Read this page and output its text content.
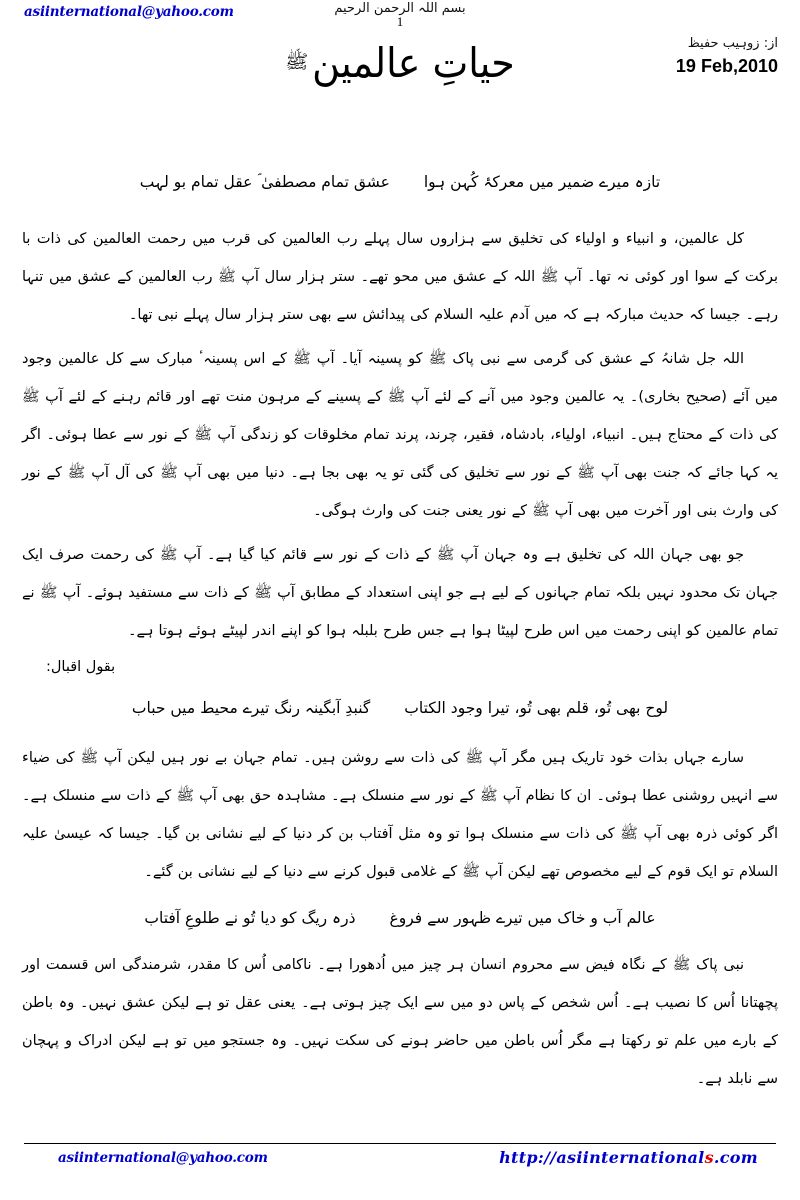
asiinternational@yahoo.com	بسم اللہ الرحمن الرحیم
1
از: زوہیب حفیظ
19 Feb,2010
حیاتِ عالمینﷺ
تازہ میرے ضمیر میں معرکۂ کُہن ہواعشق تمام مصطفیٰ ؐ عقل تمام بو لہب

کل عالمین، و انبیاء و اولیاء کی تخلیق سے ہزاروں سال پہلے رب العالمین کی قرب میں رحمت العالمین کی ذات با برکت کے سوا اور کوئی نہ تھا۔ آپ ﷺ اللہ کے عشق میں محو تھے۔ ستر ہزار سال آپ ﷺ رب العالمین کے عشق میں تنہا رہے۔ جیسا کہ حدیث مبارکہ ہے کہ میں آدم علیہ السلام کی پیدائش سے بھی ستر ہزار سال پہلے نبی تھا۔

اللہ جل شانہُ کے عشق کی گرمی سے نبی پاک ﷺ کو پسینہ آیا۔ آپ ﷺ کے اس پسینہٴ مبارک سے کل عالمین وجود میں آئے (صحیح بخاری)۔ یہ عالمین وجود میں آنے کے لئے آپ ﷺ کے پسینے کے مرہون منت تھے اور قائم رہنے کے لئے آپ ﷺ کی ذات کے محتاج ہیں۔ انبیاء، اولیاء، بادشاہ، فقیر، چرند، پرند تمام مخلوقات کو زندگی آپ ﷺ کے نور سے عطا ہوئی۔ اگر یہ کہا جائے کہ جنت بھی آپ ﷺ کے نور سے تخلیق کی گئی تو یہ بھی بجا ہے۔ دنیا میں بھی آپ ﷺ کی آل آپ ﷺ کے نور کی وارث بنی اور آخرت میں بھی آپ ﷺ کے نور یعنی جنت کی وارث ہوگی۔

جو بھی جہان اللہ کی تخلیق ہے وہ جہان آپ ﷺ کے ذات کے نور سے قائم کیا گیا ہے۔ آپ ﷺ کی رحمت صرف ایک جہان تک محدود نہیں بلکہ تمام جہانوں کے لیے ہے جو اپنی استعداد کے مطابق آپ ﷺ کے ذات سے مستفید ہوئے۔ آپ ﷺ نے تمام عالمین کو اپنی رحمت میں اس طرح لپیٹا ہوا ہے جس طرح بلبلہ ہوا کو اپنے اندر لپیٹے ہوئے ہوتا ہے۔

بقول اقبال:
لوح بھی تُو، قلم بھی تُو، تیرا وجود الکتابگنبدِ آبگینہ رنگ تیرے محیط میں حباب

سارے جہاں بذات خود تاریک ہیں مگر آپ ﷺ کی ذات سے روشن ہیں۔ تمام جہان بے نور ہیں لیکن آپ ﷺ کی ضیاء سے انہیں روشنی عطا ہوئی۔ ان کا نظام آپ ﷺ کے نور سے منسلک ہے۔ مشاہدہ حق بھی آپ ﷺ کے ذات سے منسلک ہے۔ اگر کوئی ذرہ بھی آپ ﷺ کی ذات سے منسلک ہوا تو وہ مثل آفتاب بن کر دنیا کے لیے نشانی بن گیا۔ جیسا کہ عیسیٰ علیہ السلام تو ایک قوم کے لیے مخصوص تھے لیکن آپ ﷺ کے غلامی قبول کرنے سے دنیا کے لیے نشانی بن گئے۔

عالم آب و خاک میں تیرے ظہور سے فروغذرہ ریگ کو دیا تُو نے طلوعِ آفتاب

نبی پاک ﷺ کے نگاہ فیض سے محروم انسان ہر چیز میں اُدھورا ہے۔ ناکامی اُس کا مقدر، شرمندگی اس قسمت اور پچھتانا اُس کا نصیب ہے۔ اُس شخص کے پاس دو میں سے ایک چیز ہوتی ہے۔ یعنی عقل تو ہے لیکن عشق نہیں۔ وہ باطن کے بارے میں علم تو رکھتا ہے مگر اُس باطن میں حاضر ہونے کی سکت نہیں۔ وہ جستجو میں تو ہے لیکن ادراک و پہچان سے نابلد ہے۔

asiinternational@yahoo.com	http://asiinternationals.com
